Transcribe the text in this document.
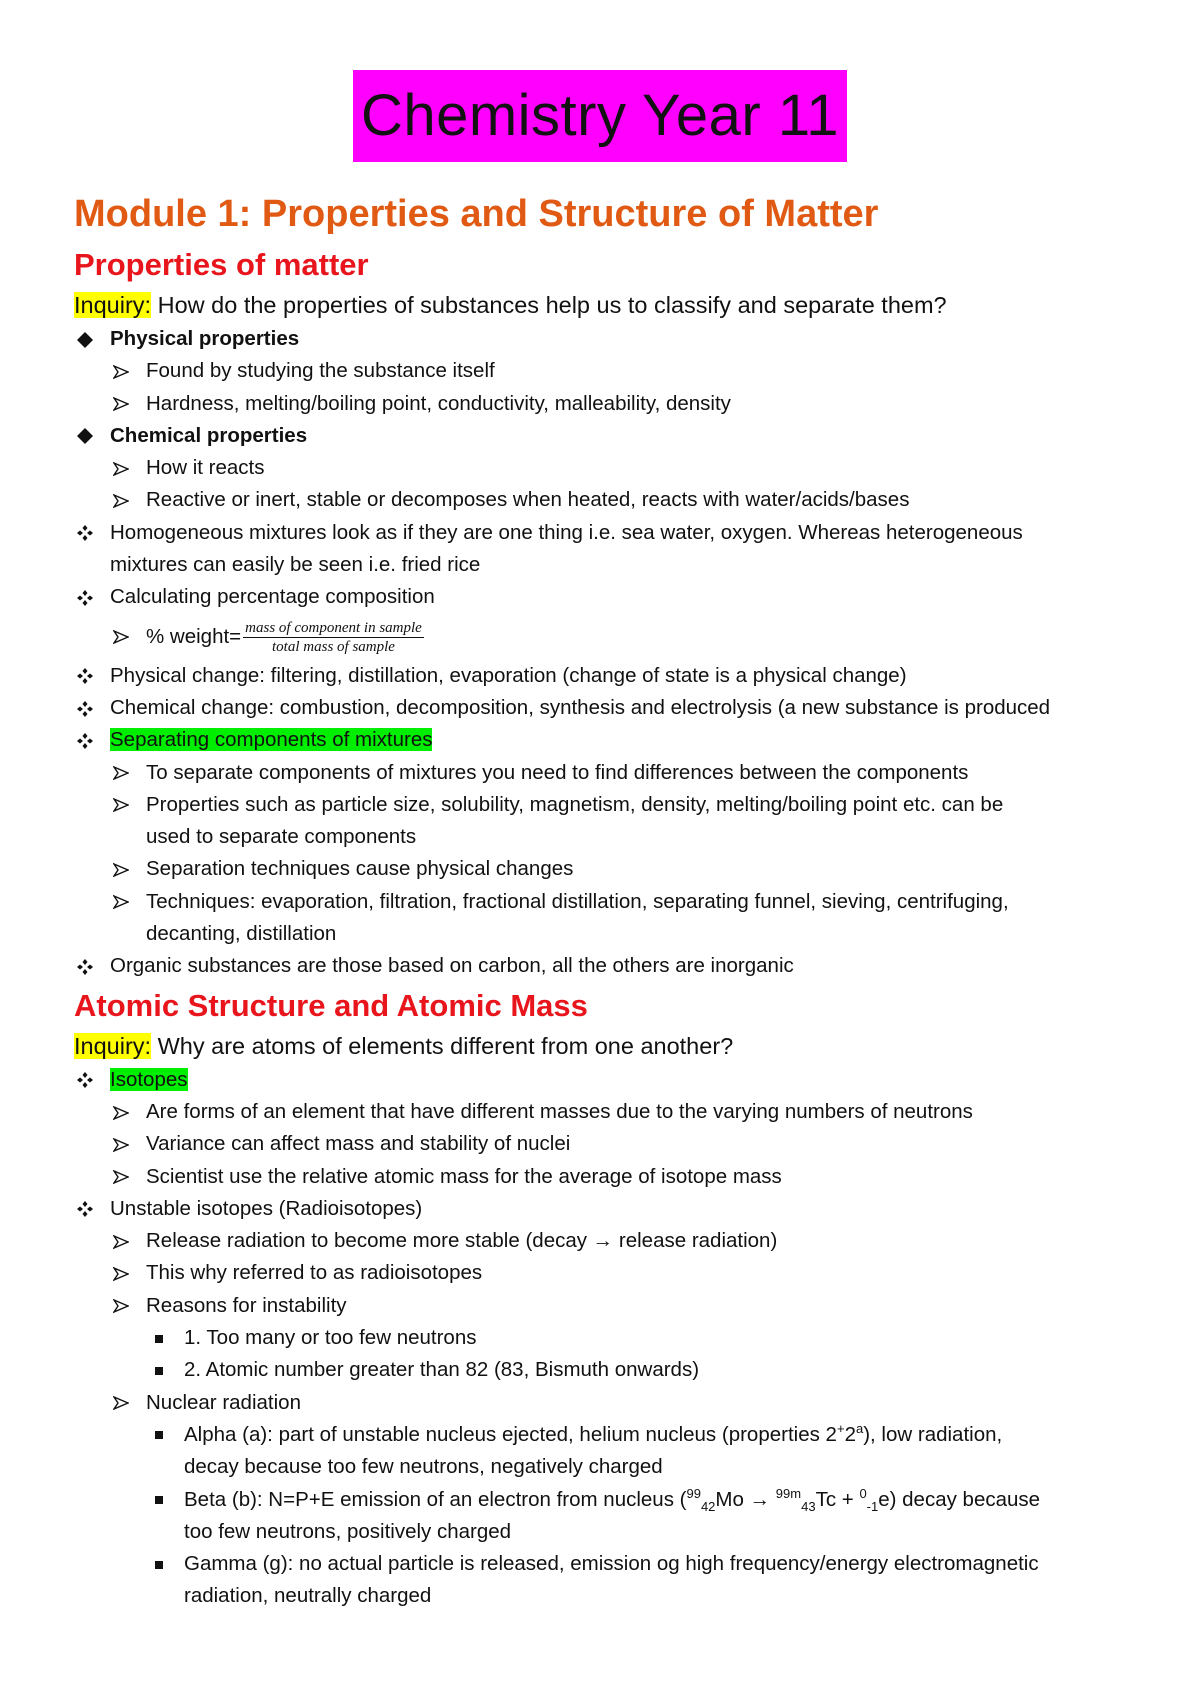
Chemistry Year 11
Module 1: Properties and Structure of Matter
Properties of matter

Inquiry: How do the properties of substances help us to classify and separate them?

Physical properties
Found by studying the substance itself
Hardness, melting/boiling point, conductivity, malleability, density
Chemical properties
How it reacts
Reactive or inert, stable or decomposes when heated, reacts with water/acids/bases
Homogeneous mixtures look as if they are one thing i.e. sea water, oxygen. Whereas heterogeneous
mixtures can easily be seen i.e. fried rice
Calculating percentage composition
% weight= $\frac{\text{mass of component in sample}}{\text{total mass of sample}}$
Physical change: filtering, distillation, evaporation (change of state is a physical change)
Chemical change: combustion, decomposition, synthesis and electrolysis (a new substance is produced
Separating components of mixtures
To separate components of mixtures you need to find differences between the components
Properties such as particle size, solubility, magnetism, density, melting/boiling point etc. can be
used to separate components
Separation techniques cause physical changes
Techniques: evaporation, filtration, fractional distillation, separating funnel, sieving, centrifuging,
decanting, distillation
Organic substances are those based on carbon, all the others are inorganic
Atomic Structure and Atomic Mass

Inquiry: Why are atoms of elements different from one another?

Isotopes
Are forms of an element that have different masses due to the varying numbers of neutrons
Variance can affect mass and stability of nuclei
Scientist use the relative atomic mass for the average of isotope mass
Unstable isotopes (Radioisotopes)
Release radiation to become more stable (decay → release radiation)
This why referred to as radioisotopes
Reasons for instability
1. Too many or too few neutrons
2. Atomic number greater than 82 (83, Bismuth onwards)
Nuclear radiation
Alpha (a): part of unstable nucleus ejected, helium nucleus (properties 2+2$^a$), low radiation,
decay because too few neutrons, negatively charged
Beta (b): N=P+E emission of an electron from nucleus ($^{99}_{42}$Mo → $^{99m}_{43}$Tc + $^0_{-1}$e) decay because
too few neutrons, positively charged
Gamma (g): no actual particle is released, emission og high frequency/energy electromagnetic
radiation, neutrally charged
